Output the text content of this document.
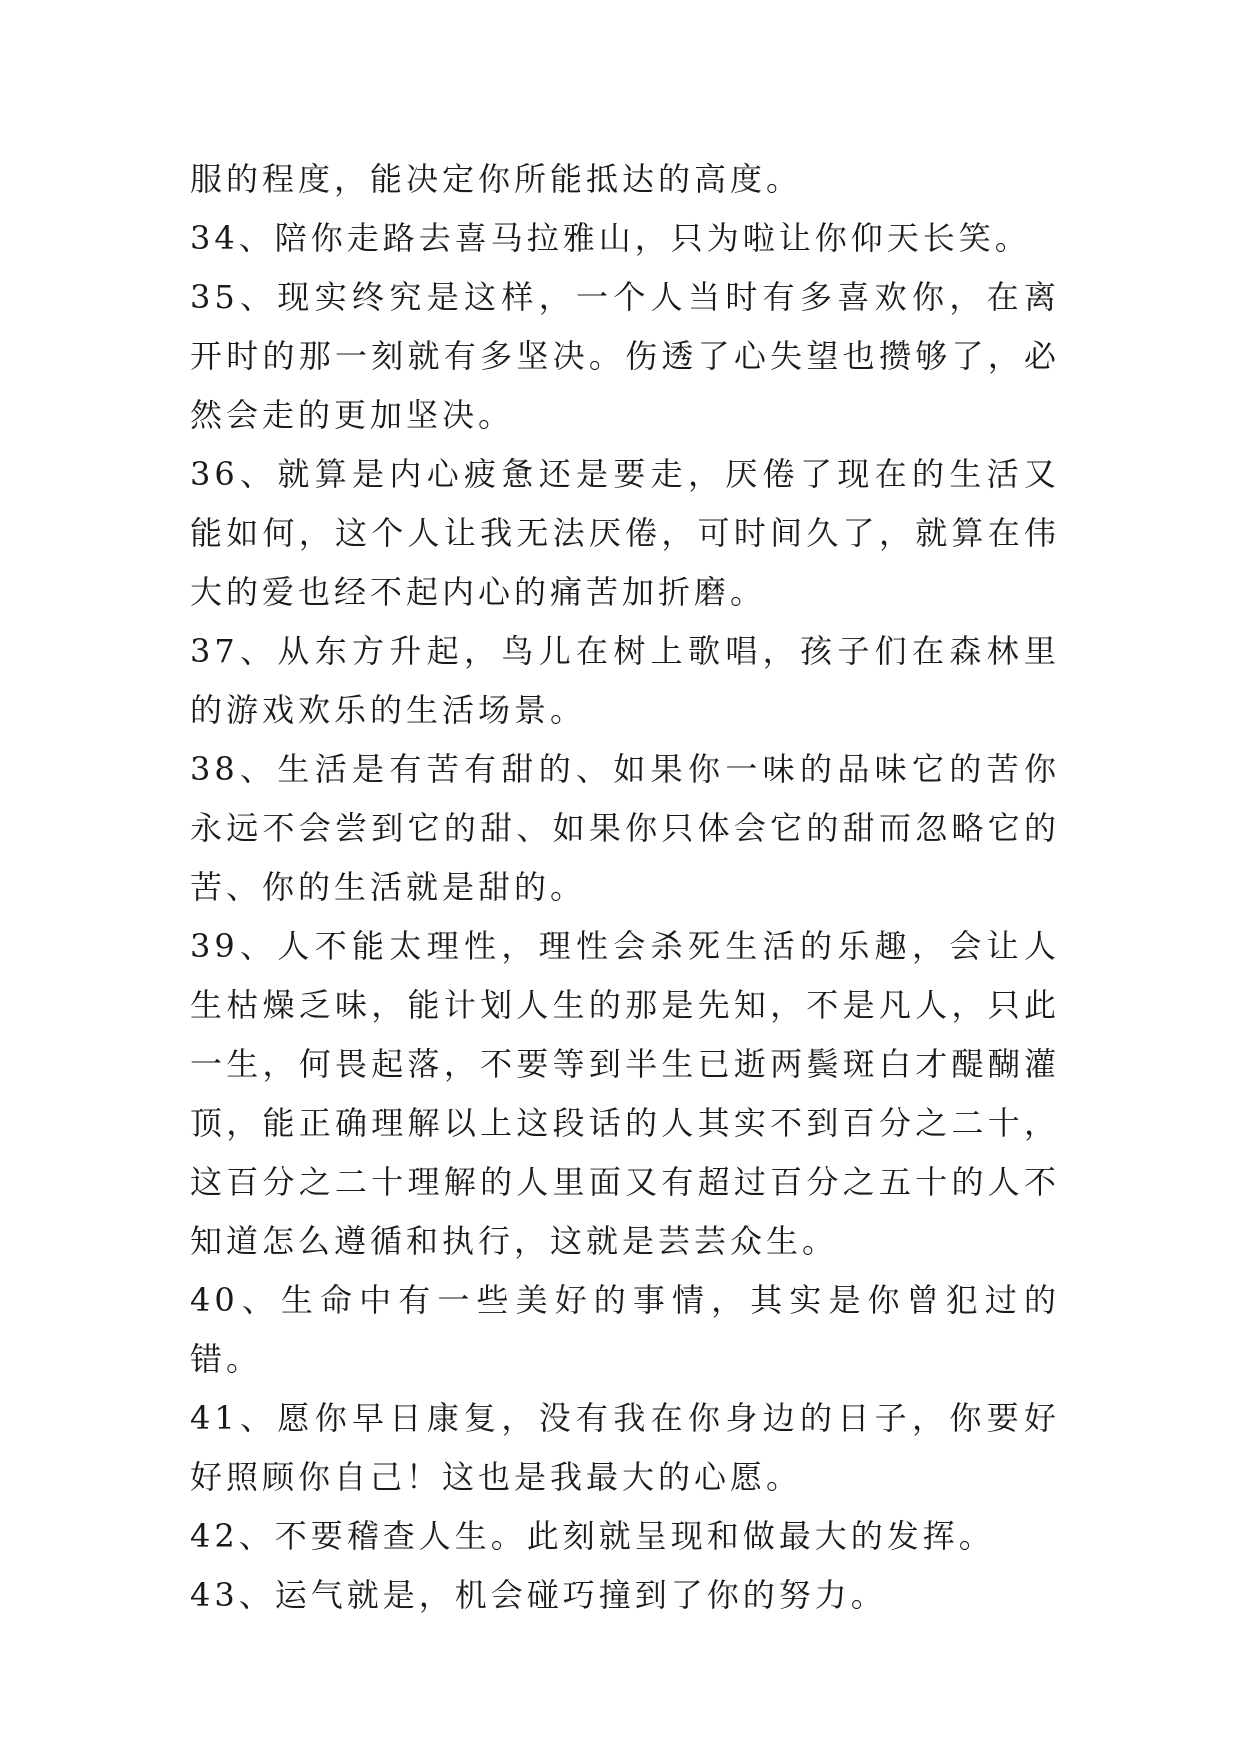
服的程度，能决定你所能抵达的高度。

34、陪你走路去喜马拉雅山，只为啦让你仰天长笑。

35、现实终究是这样，一个人当时有多喜欢你，在离开时的那一刻就有多坚决。伤透了心失望也攒够了，必然会走的更加坚决。

36、就算是内心疲惫还是要走，厌倦了现在的生活又能如何，这个人让我无法厌倦，可时间久了，就算在伟大的爱也经不起内心的痛苦加折磨。

37、从东方升起，鸟儿在树上歌唱，孩子们在森林里的游戏欢乐的生活场景。

38、生活是有苦有甜的、如果你一味的品味它的苦你永远不会尝到它的甜、如果你只体会它的甜而忽略它的苦、你的生活就是甜的。

39、人不能太理性，理性会杀死生活的乐趣，会让人生枯燥乏味，能计划人生的那是先知，不是凡人，只此一生，何畏起落，不要等到半生已逝两鬓斑白才醍醐灌顶，能正确理解以上这段话的人其实不到百分之二十，这百分之二十理解的人里面又有超过百分之五十的人不知道怎么遵循和执行，这就是芸芸众生。

40、生命中有一些美好的事情，其实是你曾犯过的错。

41、愿你早日康复，没有我在你身边的日子，你要好好照顾你自己！这也是我最大的心愿。

42、不要稽查人生。此刻就呈现和做最大的发挥。

43、运气就是，机会碰巧撞到了你的努力。
